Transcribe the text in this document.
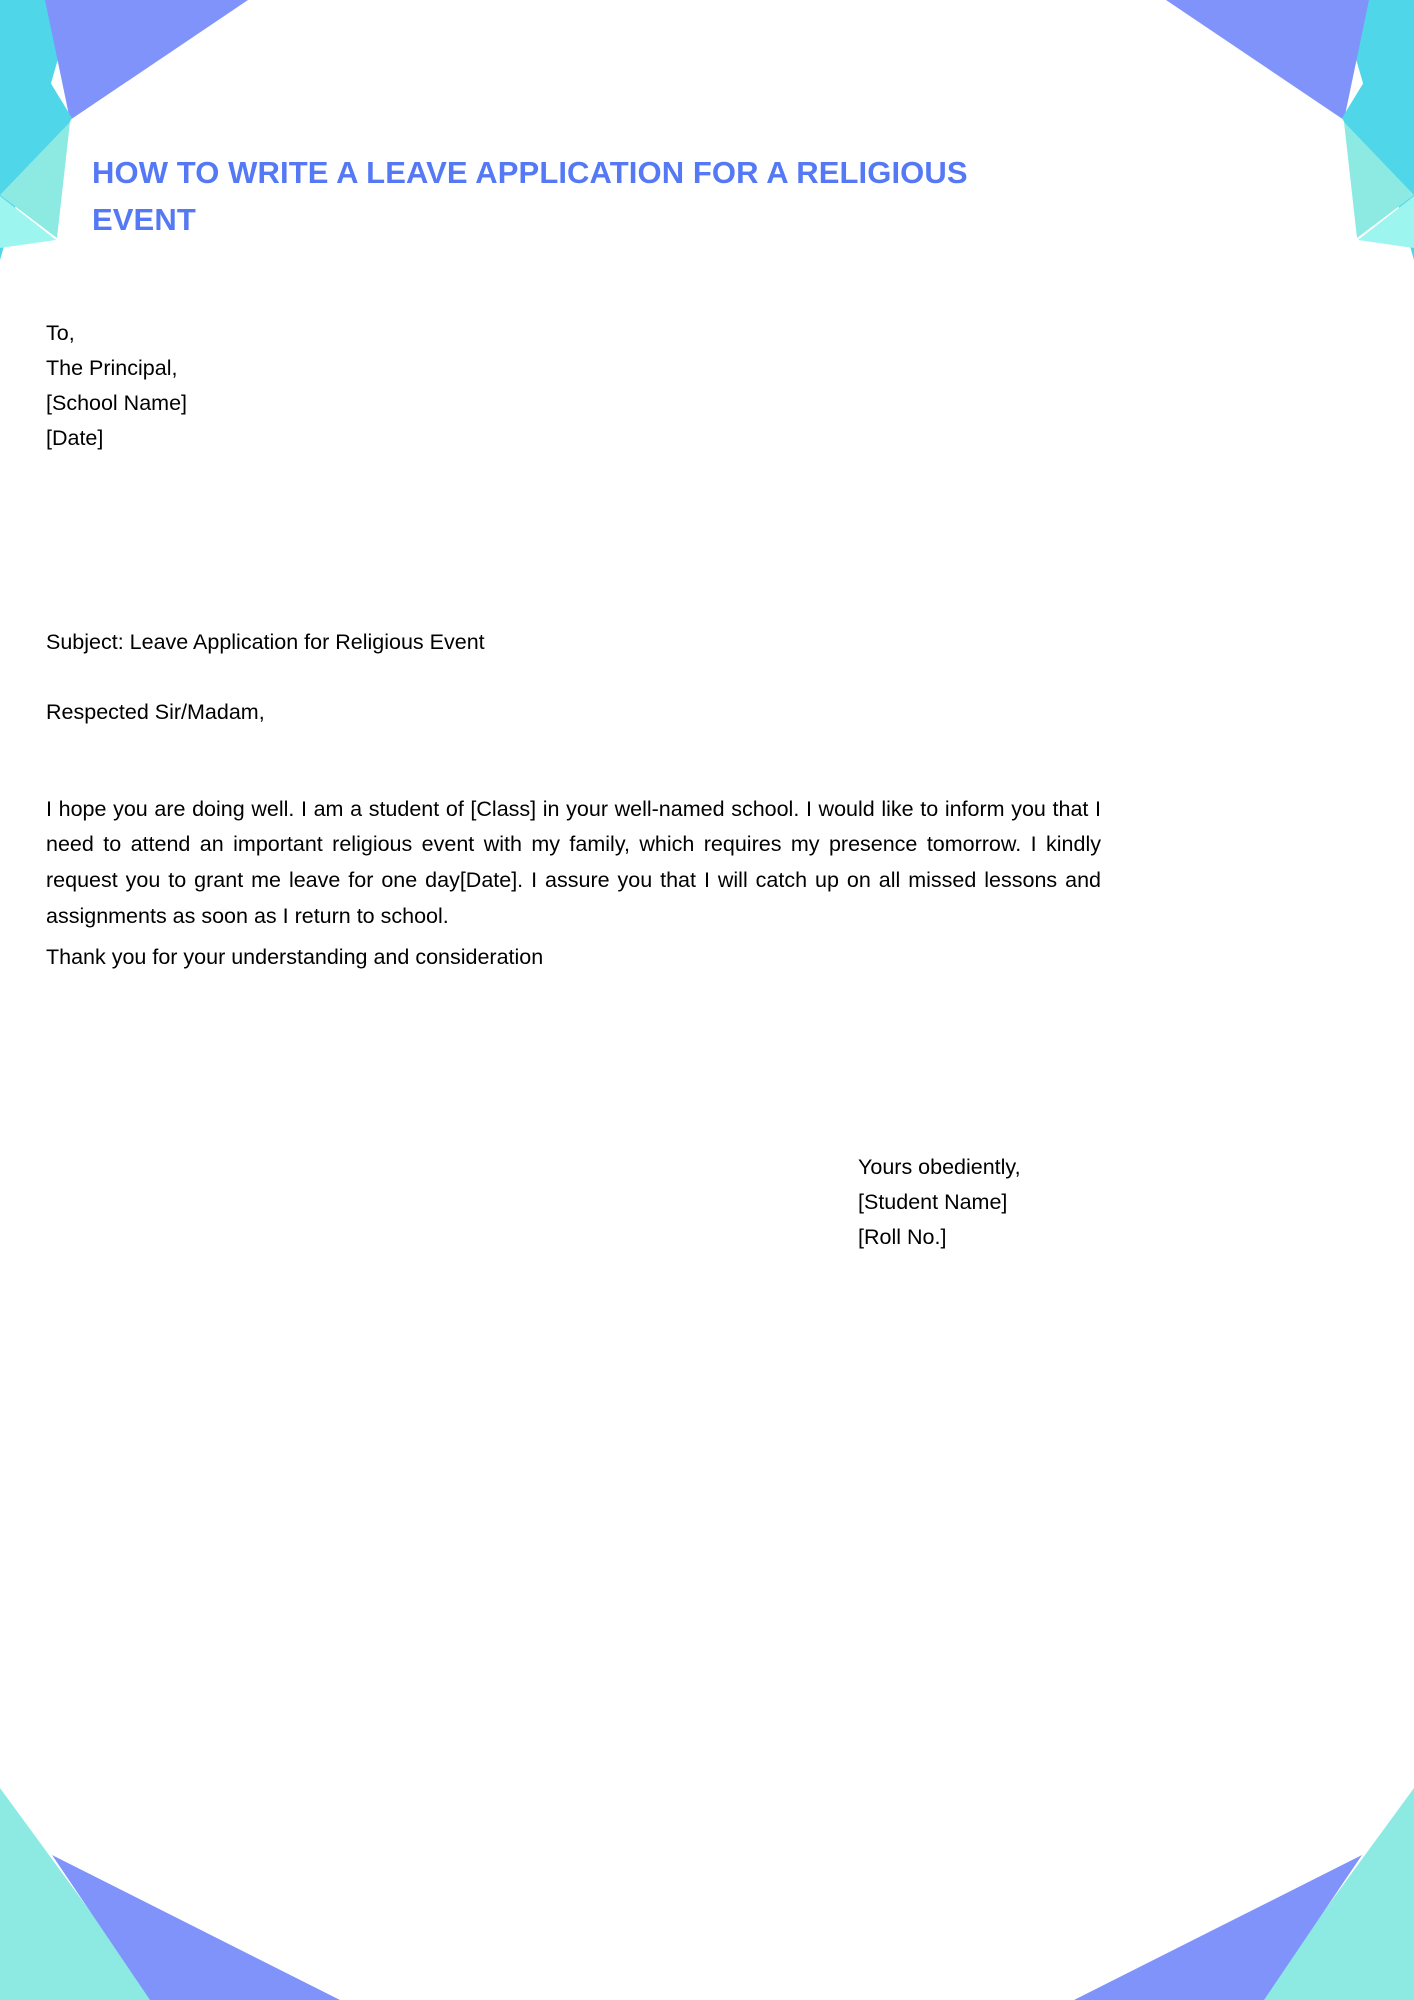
HOW TO WRITE A LEAVE APPLICATION FOR A RELIGIOUS EVENT
To,
The Principal,
[School Name]
[Date]
Subject: Leave Application for Religious Event
Respected Sir/Madam,

I hope you are doing well. I am a student of [Class] in your well-named school. I would like to inform you that I need to attend an important religious event with my family, which requires my presence tomorrow. I kindly request you to grant me leave for one day[Date]. I assure you that I will catch up on all missed lessons and assignments as soon as I return to school.

Thank you for your understanding and consideration
Yours obediently,
[Student Name]
[Roll No.]
